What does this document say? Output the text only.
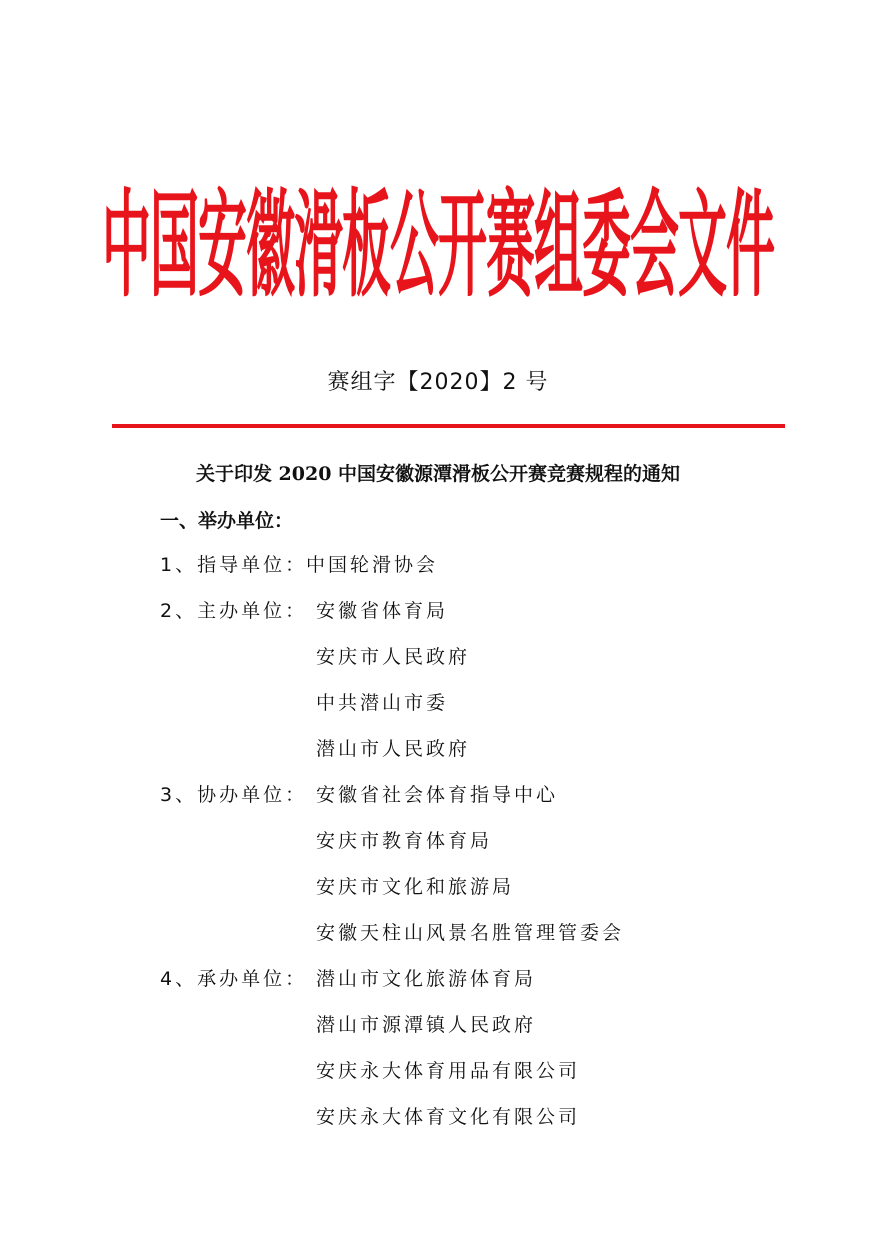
中国安徽滑板公开赛组委会文件
赛组字【2020】2 号
关于印发 2020 中国安徽源潭滑板公开赛竞赛规程的通知
一、举办单位：
1、指导单位：
中国轮滑协会
2、主办单位： 安徽省体育局
安庆市人民政府
中共潜山市委
潜山市人民政府
3、协办单位： 安徽省社会体育指导中心
安庆市教育体育局
安庆市文化和旅游局
安徽天柱山风景名胜管理管委会
4、承办单位： 潜山市文化旅游体育局
潜山市源潭镇人民政府
安庆永大体育用品有限公司
安庆永大体育文化有限公司
